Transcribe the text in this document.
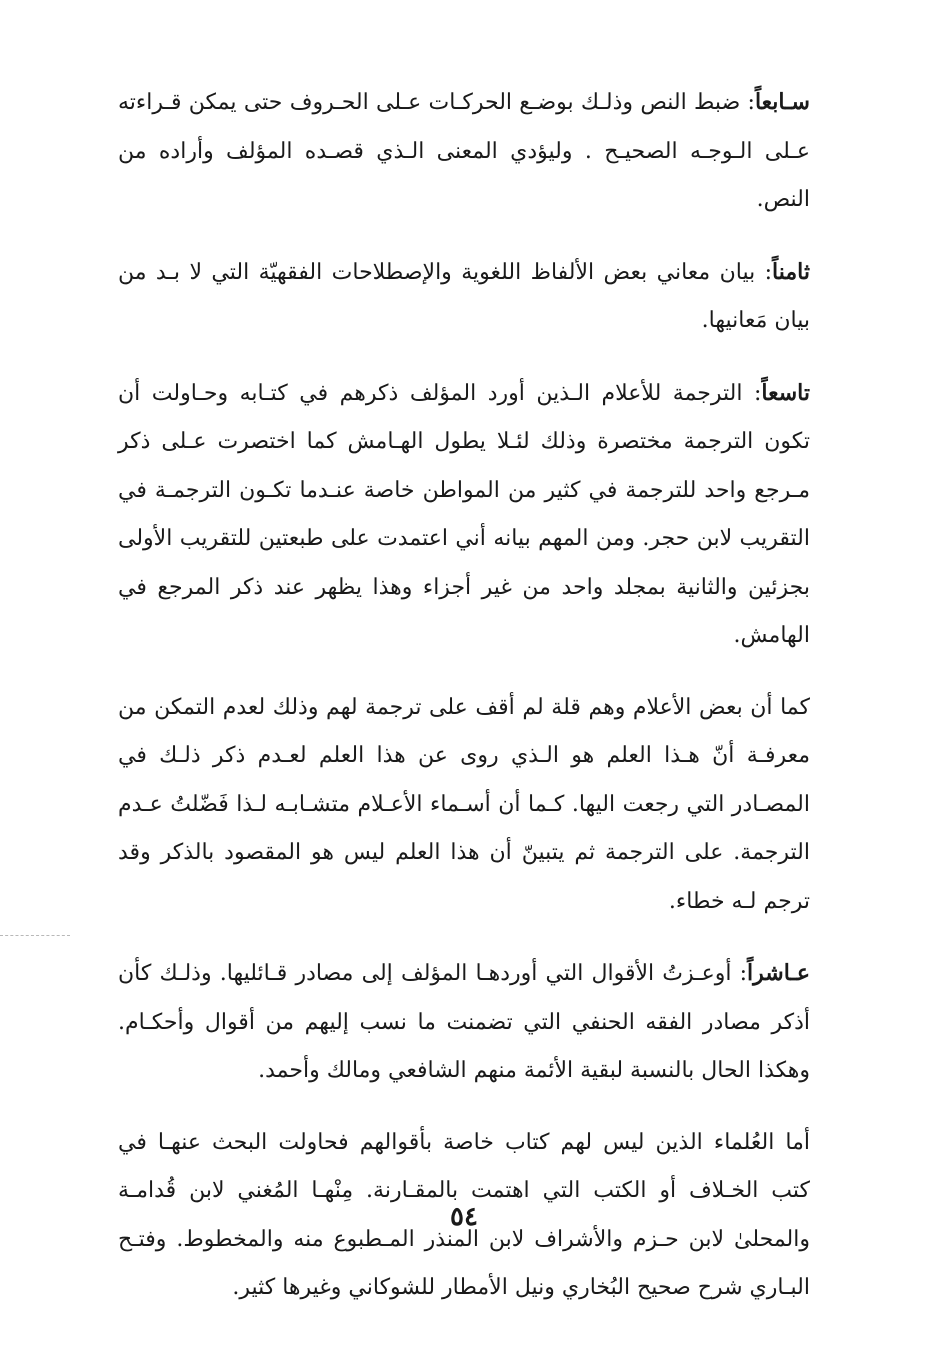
سـابعاً: ضبط النص وذلـك بوضـع الحركـات عـلى الحـروف حتى يمكن قـراءته عـلى الـوجـه الصحيـح . وليؤدي المعنى الـذي قصـده المؤلف وأراده من النص.

ثامناً: بيان معاني بعض الألفاظ اللغوية والإصطلاحات الفقهيّة التي لا بـد من بيان مَعانيها.

تاسعاً: الترجمة للأعلام الـذين أورد المؤلف ذكرهم في كتـابه وحـاولت أن تكون الترجمة مختصرة وذلك لئـلا يطول الهـامش كما اختصرت عـلى ذكر مـرجع واحد للترجمة في كثير من المواطن خاصة عنـدما تكـون الترجمـة في التقريب لابن حجر. ومن المهم بيانه أني اعتمدت على طبعتين للتقريب الأولى بجزئين والثانية بمجلد واحد من غير أجزاء وهذا يظهر عند ذكر المرجع في الهامش.

كما أن بعض الأعلام وهم قلة لم أقف على ترجمة لهم وذلك لعدم التمكن من معرفـة أنّ هـذا العلم هو الـذي روى عن هذا العلم لعـدم ذكر ذلـك في المصـادر التي رجعت اليها. كـما أن أسـماء الأعـلام متشـابـه لـذا فَضّلتُ عـدم الترجمة. على الترجمة ثم يتبينّ أن هذا العلم ليس هو المقصود بالذكر وقد ترجم لـه خطاء.

عـاشراً: أوعـزتُ الأقوال التي أوردهـا المؤلف إلى مصادر قـائليها. وذلـك كأن أذكر مصادر الفقه الحنفي التي تضمنت ما نسب إليهم من أقوال وأحكـام. وهكذا الحال بالنسبة لبقية الأئمة منهم الشافعي ومالك وأحمد.

أما العُلماء الذين ليس لهم كتاب خاصة بأقوالهم فحاولت البحث عنهـا في كتب الخـلاف أو الكتب التي اهتمت بالمقـارنة. مِنْهـا المُغني لابن قُدامـة والمحلىٰ لابن حـزم والأشراف لابن المنذر المـطبوع منه والمخطوط. وفتـح البـاري شرح صحيح البُخاري ونيل الأمطار للشوكاني وغيرها كثير.

٥٤
